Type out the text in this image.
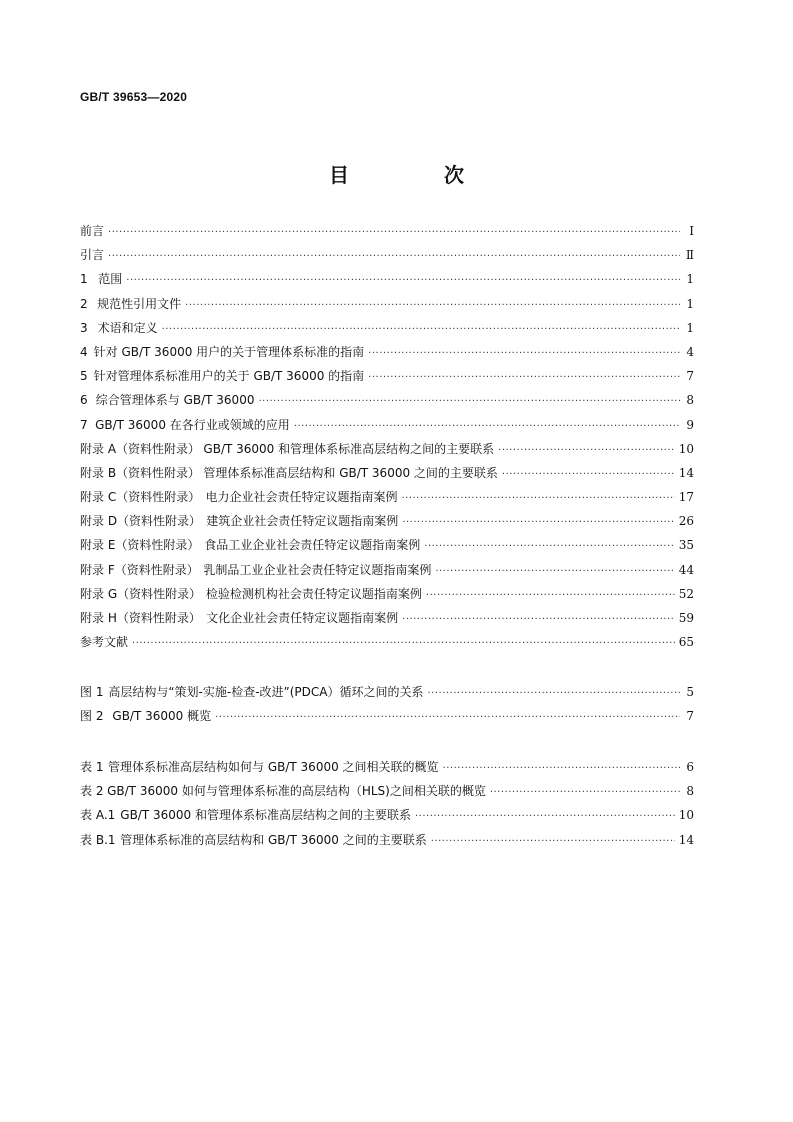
GB/T 39653—2020
目 次
前言 ·····	Ⅰ
引言 ·····	Ⅱ
1 范围 ·····	1
2 规范性引用文件 ·····	1
3 术语和定义 ·····	1
4 针对 GB/T 36000 用户的关于管理体系标准的指南 ·····	4
5 针对管理体系标准用户的关于 GB/T 36000 的指南 ·····	7
6 综合管理体系与 GB/T 36000 ·····	8
7 GB/T 36000 在各行业或领域的应用 ·····	9
附录 A（资料性附录） GB/T 36000 和管理体系标准高层结构之间的主要联系 ·····	10
附录 B（资料性附录） 管理体系标准高层结构和 GB/T 36000 之间的主要联系 ·····	14
附录 C（资料性附录） 电力企业社会责任特定议题指南案例 ·····	17
附录 D（资料性附录） 建筑企业社会责任特定议题指南案例 ·····	26
附录 E（资料性附录） 食品工业企业社会责任特定议题指南案例 ·····	35
附录 F（资料性附录） 乳制品工业企业社会责任特定议题指南案例 ·····	44
附录 G（资料性附录） 检验检测机构社会责任特定议题指南案例 ·····	52
附录 H（资料性附录） 文化企业社会责任特定议题指南案例 ·····	59
参考文献 ·····	65
图 1 高层结构与“策划-实施-检查-改进”(PDCA）循环之间的关系 ·····	5
图 2 GB/T 36000 概览 ·····	7
表 1 管理体系标准高层结构如何与 GB/T 36000 之间相关联的概览 ·····	6
表 2 GB/T 36000 如何与管理体系标准的高层结构（HLS)之间相关联的概览 ·····	8
表 A.1 GB/T 36000 和管理体系标准高层结构之间的主要联系 ·····	10
表 B.1 管理体系标准的高层结构和 GB/T 36000 之间的主要联系 ·····	14
